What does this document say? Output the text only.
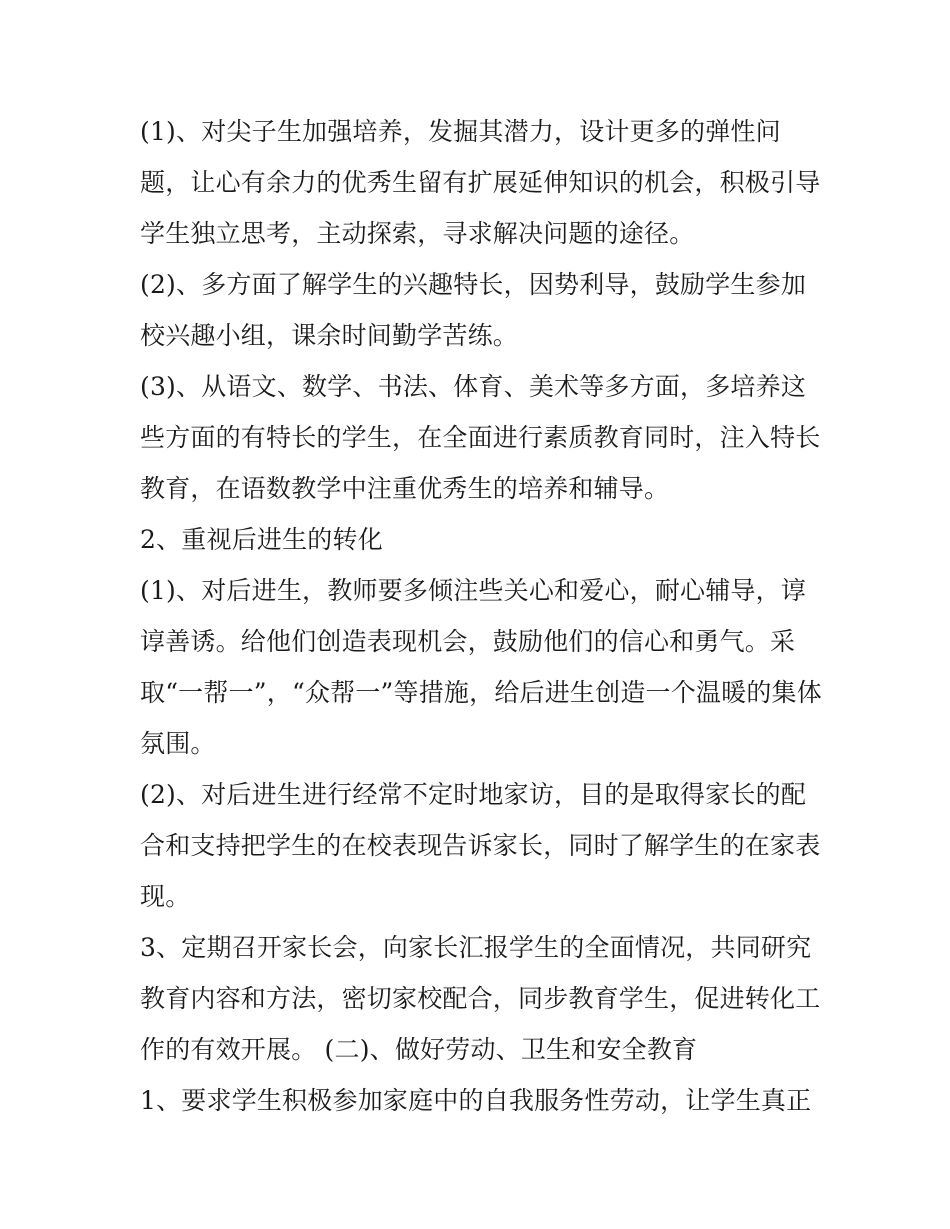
(1)、对尖子生加强培养，发掘其潜力，设计更多的弹性问
题，让心有余力的优秀生留有扩展延伸知识的机会，积极引导
学生独立思考，主动探索，寻求解决问题的途径。
(2)、多方面了解学生的兴趣特长，因势利导，鼓励学生参加
校兴趣小组，课余时间勤学苦练。
(3)、从语文、数学、书法、体育、美术等多方面，多培养这
些方面的有特长的学生，在全面进行素质教育同时，注入特长
教育，在语数教学中注重优秀生的培养和辅导。
2、重视后进生的转化
(1)、对后进生，教师要多倾注些关心和爱心，耐心辅导，谆
谆善诱。给他们创造表现机会，鼓励他们的信心和勇气。采
取“一帮一”，“众帮一”等措施，给后进生创造一个温暖的集体
氛围。
(2)、对后进生进行经常不定时地家访，目的是取得家长的配
合和支持把学生的在校表现告诉家长，同时了解学生的在家表
现。
3、定期召开家长会，向家长汇报学生的全面情况，共同研究
教育内容和方法，密切家校配合，同步教育学生，促进转化工
作的有效开展。 (二)、做好劳动、卫生和安全教育
1、要求学生积极参加家庭中的自我服务性劳动，让学生真正
